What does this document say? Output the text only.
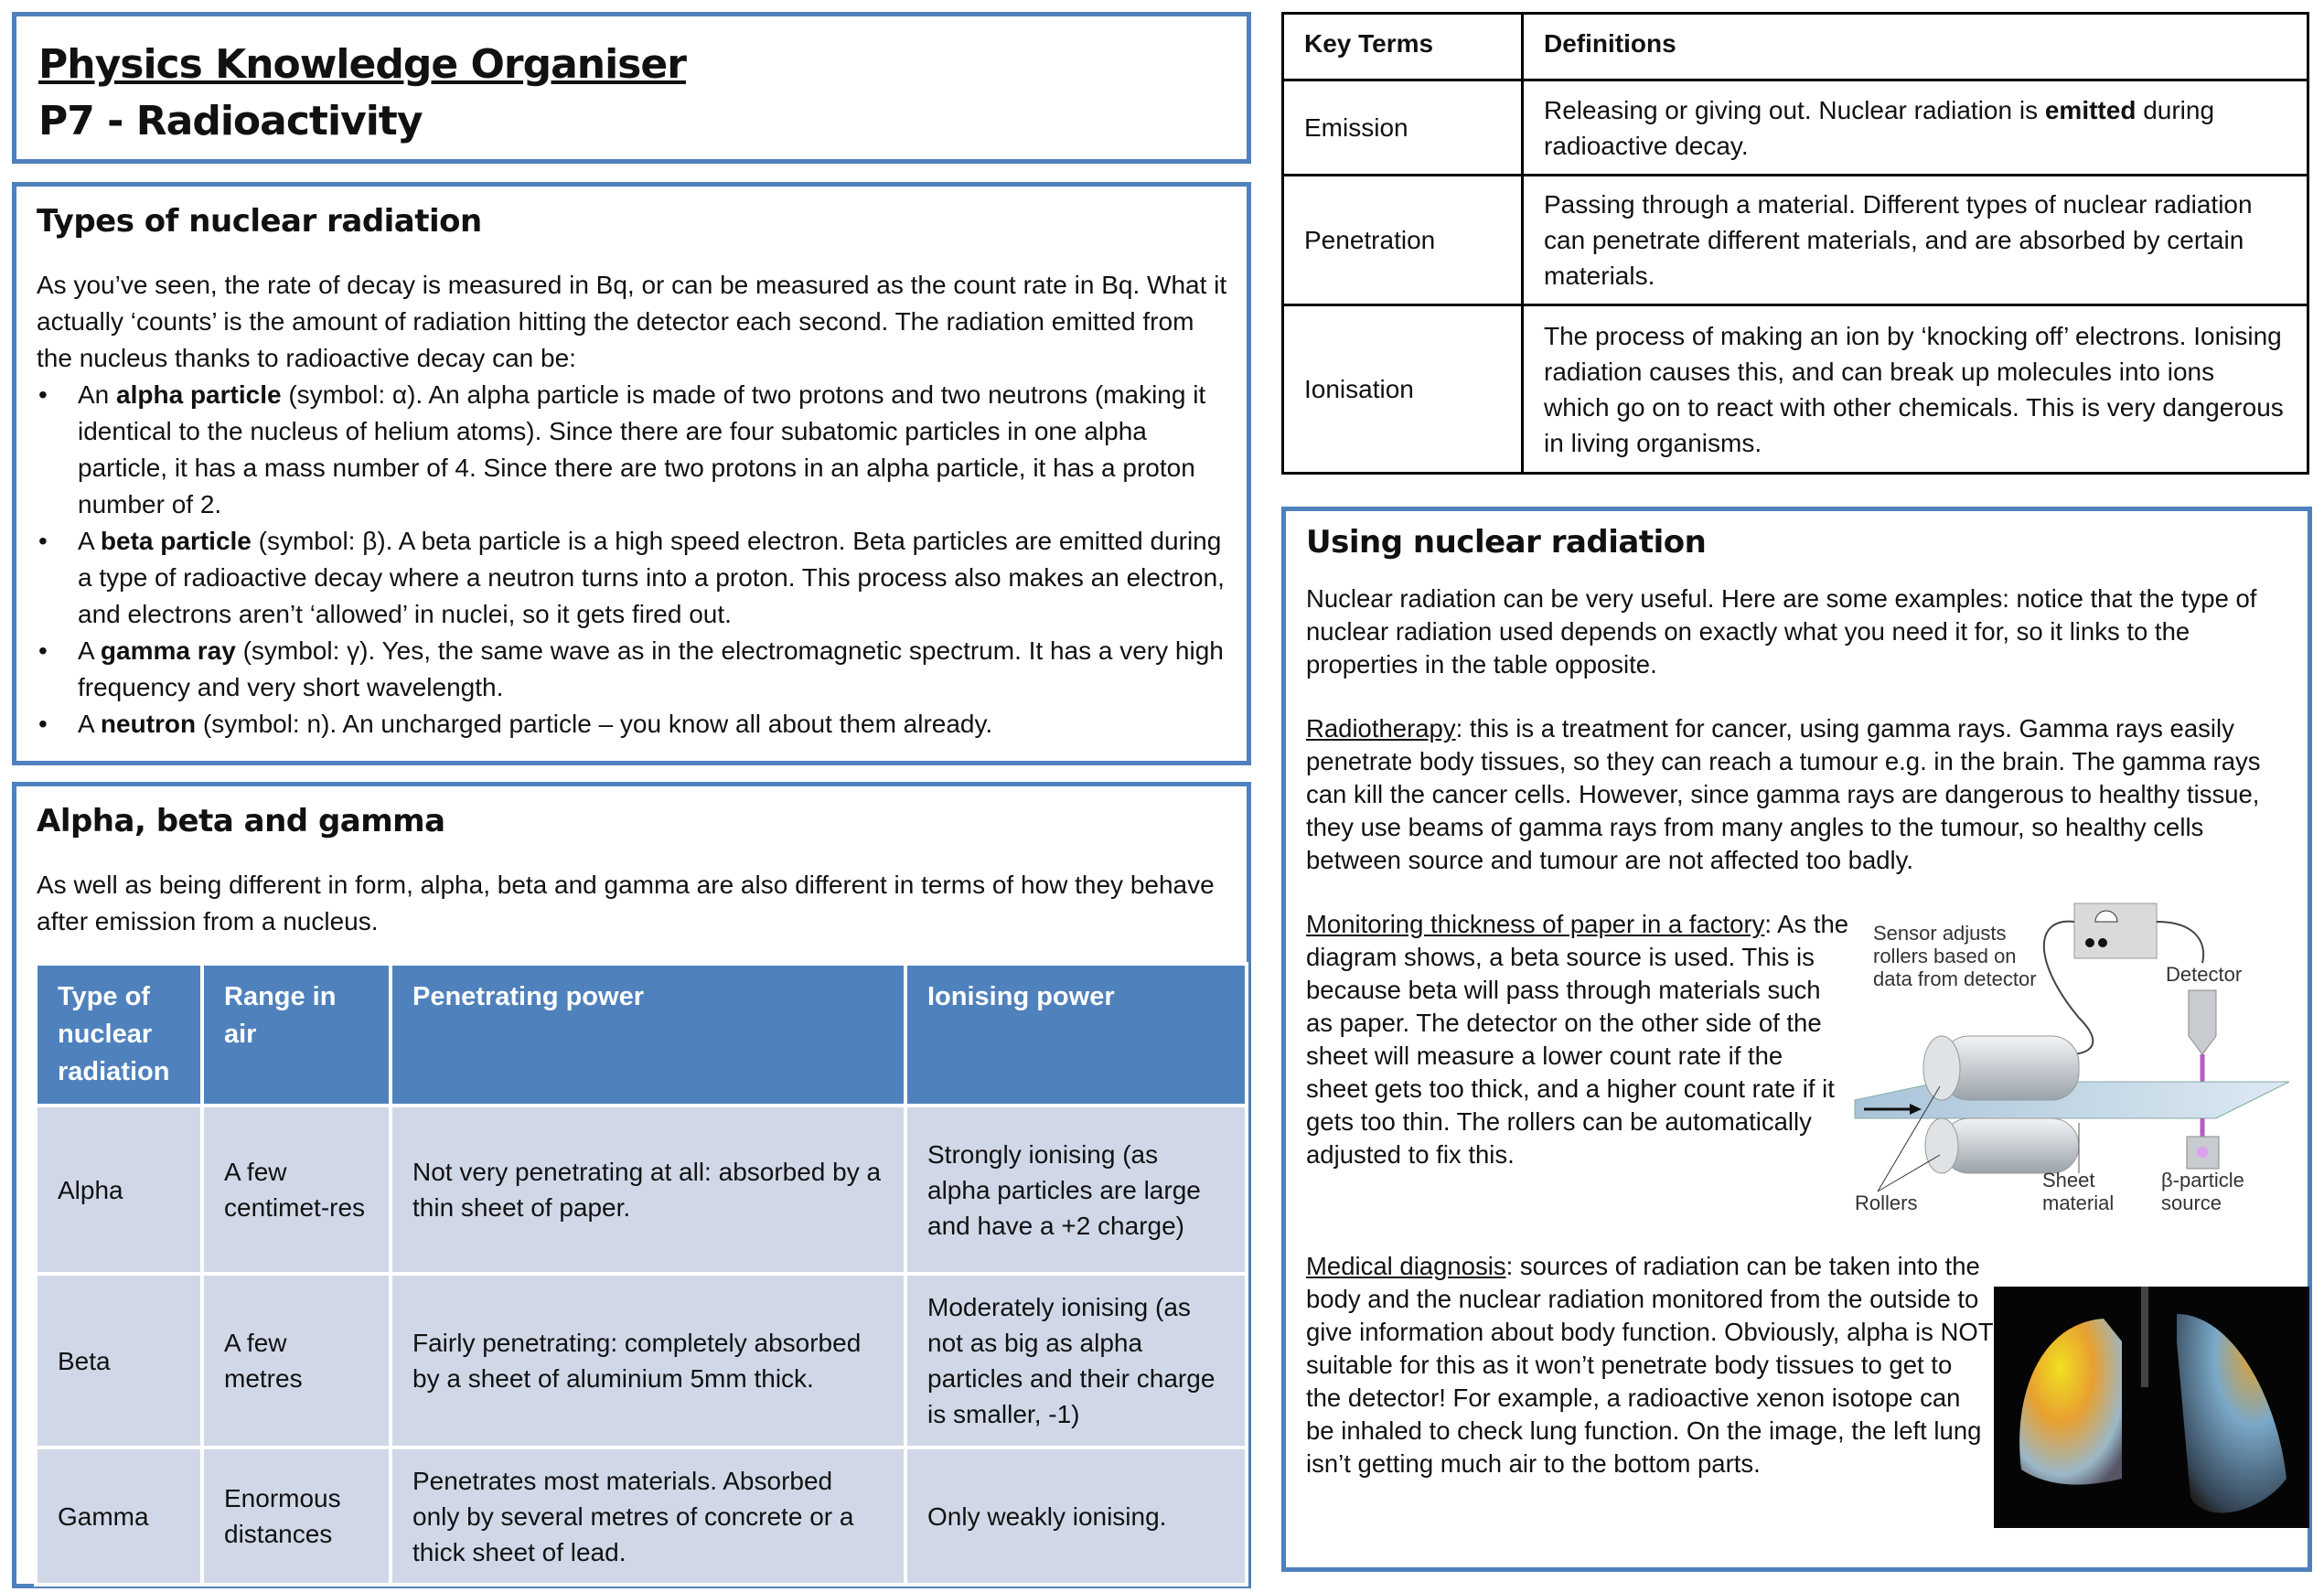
Physics Knowledge Organiser
P7 - Radioactivity
Types of nuclear radiation

As you’ve seen, the rate of decay is measured in Bq, or can be measured as the count rate in Bq. What it actually ‘counts’ is the amount of radiation hitting the detector each second. The radiation emitted from the nucleus thanks to radioactive decay can be:

• An alpha particle (symbol: α). An alpha particle is made of two protons and two neutrons (making it identical to the nucleus of helium atoms). Since there are four subatomic particles in one alpha particle, it has a mass number of 4. Since there are two protons in an alpha particle, it has a proton number of 2.
• A beta particle (symbol: β). A beta particle is a high speed electron. Beta particles are emitted during a type of radioactive decay where a neutron turns into a proton. This process also makes an electron, and electrons aren’t ‘allowed’ in nuclei, so it gets fired out.
• A gamma ray (symbol: γ). Yes, the same wave as in the electromagnetic spectrum. It has a very high frequency and very short wavelength.
• A neutron (symbol: n). An uncharged particle – you know all about them already.
Alpha, beta and gamma

As well as being different in form, alpha, beta and gamma are also different in terms of how they behave after emission from a nucleus.

Type of nuclear radiation	Range in air	Penetrating power	Ionising power
Alpha	A few centimet-res	Not very penetrating at all: absorbed by a thin sheet of paper.	Strongly ionising (as alpha particles are large and have a +2 charge)
Beta	A few metres	Fairly penetrating: completely absorbed by a sheet of aluminium 5mm thick.	Moderately ionising (as not as big as alpha particles and their charge is smaller, -1)
Gamma	Enormous distances	Penetrates most materials. Absorbed only by several metres of concrete or a thick sheet of lead.	Only weakly ionising.
Key Terms	Definitions
Emission	Releasing or giving out. Nuclear radiation is emitted during radioactive decay.
Penetration	Passing through a material. Different types of nuclear radiation can penetrate different materials, and are absorbed by certain materials.
Ionisation	The process of making an ion by ‘knocking off’ electrons. Ionising radiation causes this, and can break up molecules into ions which go on to react with other chemicals. This is very dangerous in living organisms.
Using nuclear radiation

Nuclear radiation can be very useful. Here are some examples: notice that the type of nuclear radiation used depends on exactly what you need it for, so it links to the properties in the table opposite.

Radiotherapy: this is a treatment for cancer, using gamma rays. Gamma rays easily penetrate body tissues, so they can reach a tumour e.g. in the brain. The gamma rays can kill the cancer cells. However, since gamma rays are dangerous to healthy tissue, they use beams of gamma rays from many angles to the tumour, so healthy cells between source and tumour are not affected too badly.

Sensor adjusts
rollers based on
data from detector	Detector
Rollers
Sheet
material
β-particle
source

Monitoring thickness of paper in a factory: As the diagram shows, a beta source is used. This is because beta will pass through materials such as paper. The detector on the other side of the sheet will measure a lower count rate if the sheet gets too thick, and a higher count rate if it gets too thin. The rollers can be automatically adjusted to fix this.

Medical diagnosis: sources of radiation can be taken into the body and the nuclear radiation monitored from the outside to give information about body function. Obviously, alpha is NOT suitable for this as it won’t penetrate body tissues to get to the detector! For example, a radioactive xenon isotope can be inhaled to check lung function. On the image, the left lung isn’t getting much air to the bottom parts.
